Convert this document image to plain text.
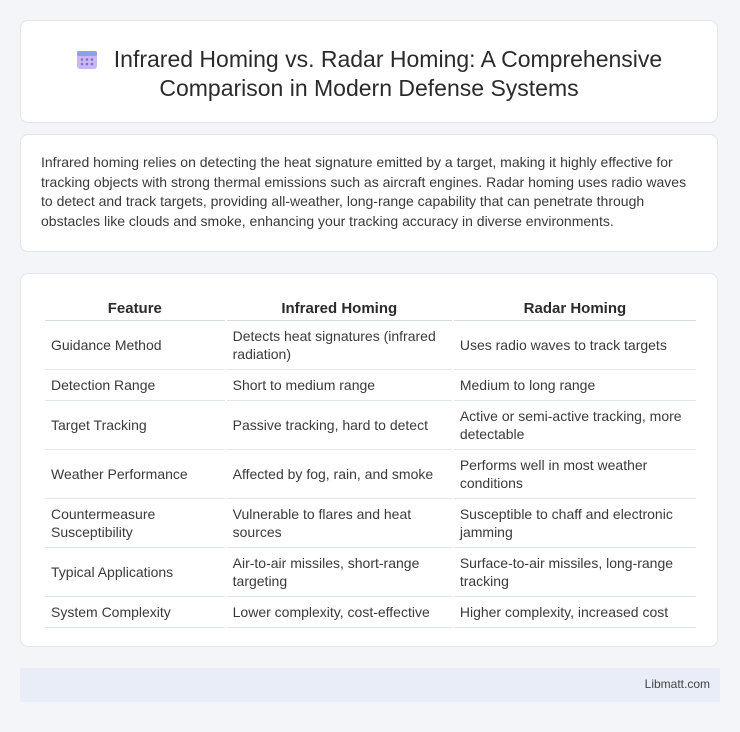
Infrared Homing vs. Radar Homing: A Comprehensive
Comparison in Modern Defense Systems
Infrared homing relies on detecting the heat signature emitted by a target, making it highly effective for tracking objects with strong thermal emissions such as aircraft engines. Radar homing uses radio waves to detect and track targets, providing all-weather, long-range capability that can penetrate through obstacles like clouds and smoke, enhancing your tracking accuracy in diverse environments.
Feature	Infrared Homing	Radar Homing
Guidance Method	Detects heat signatures (infrared radiation)	Uses radio waves to track targets
Detection Range	Short to medium range	Medium to long range
Target Tracking	Passive tracking, hard to detect	Active or semi-active tracking, more detectable
Weather Performance	Affected by fog, rain, and smoke	Performs well in most weather conditions
Countermeasure Susceptibility	Vulnerable to flares and heat sources	Susceptible to chaff and electronic jamming
Typical Applications	Air-to-air missiles, short-range targeting	Surface-to-air missiles, long-range tracking
System Complexity	Lower complexity, cost-effective	Higher complexity, increased cost
Libmatt.com
